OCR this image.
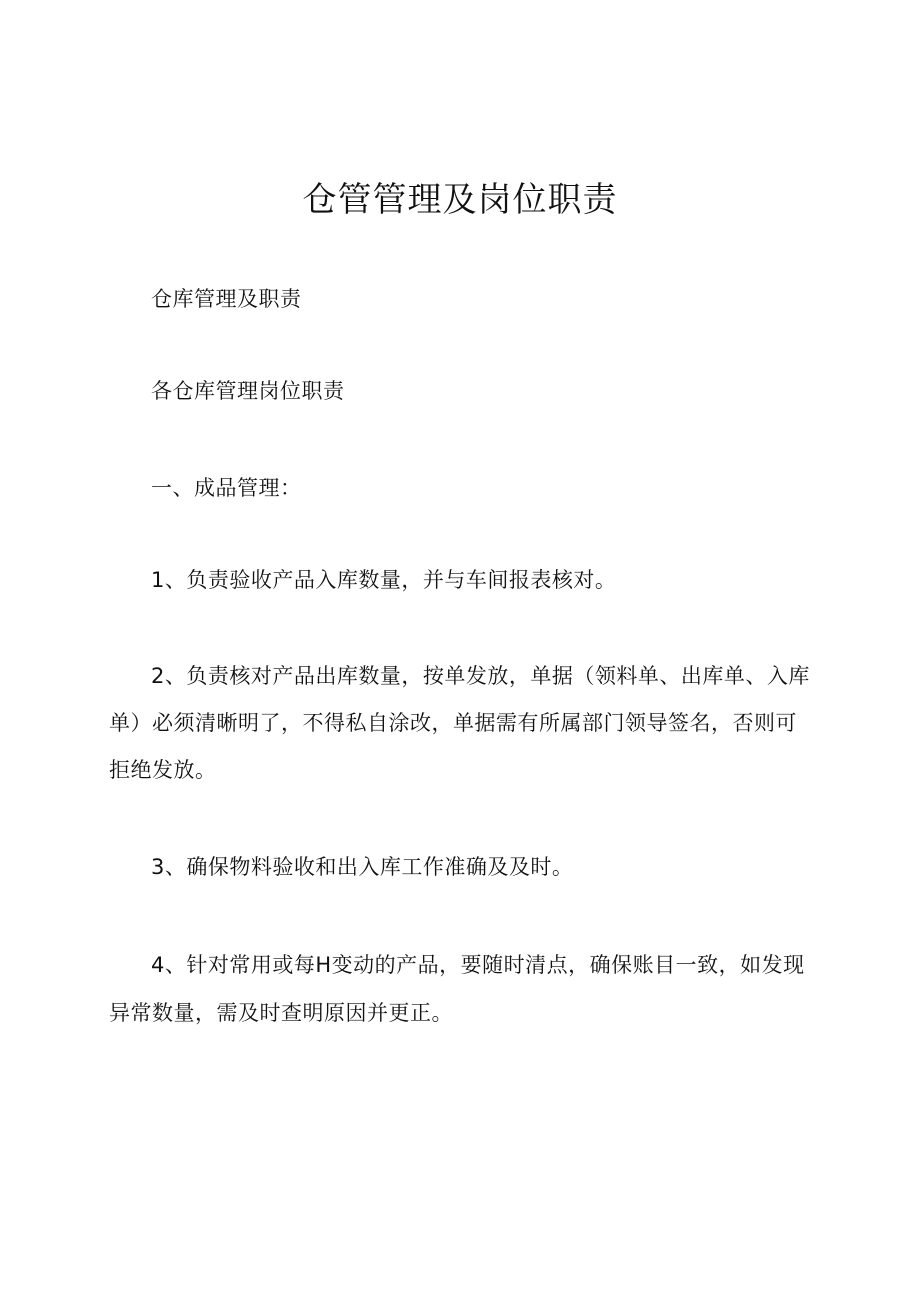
仓管管理及岗位职责

仓库管理及职责

各仓库管理岗位职责

一、成品管理：

1、负责验收产品入库数量，并与车间报表核对。

2、负责核对产品出库数量，按单发放，单据（领料单、出库单、入库单）必须清晰明了，不得私自涂改，单据需有所属部门领导签名，否则可拒绝发放。

3、确保物料验收和出入库工作准确及及时。

4、针对常用或每H变动的产品，要随时清点，确保账目一致，如发现异常数量，需及时查明原因并更正。
